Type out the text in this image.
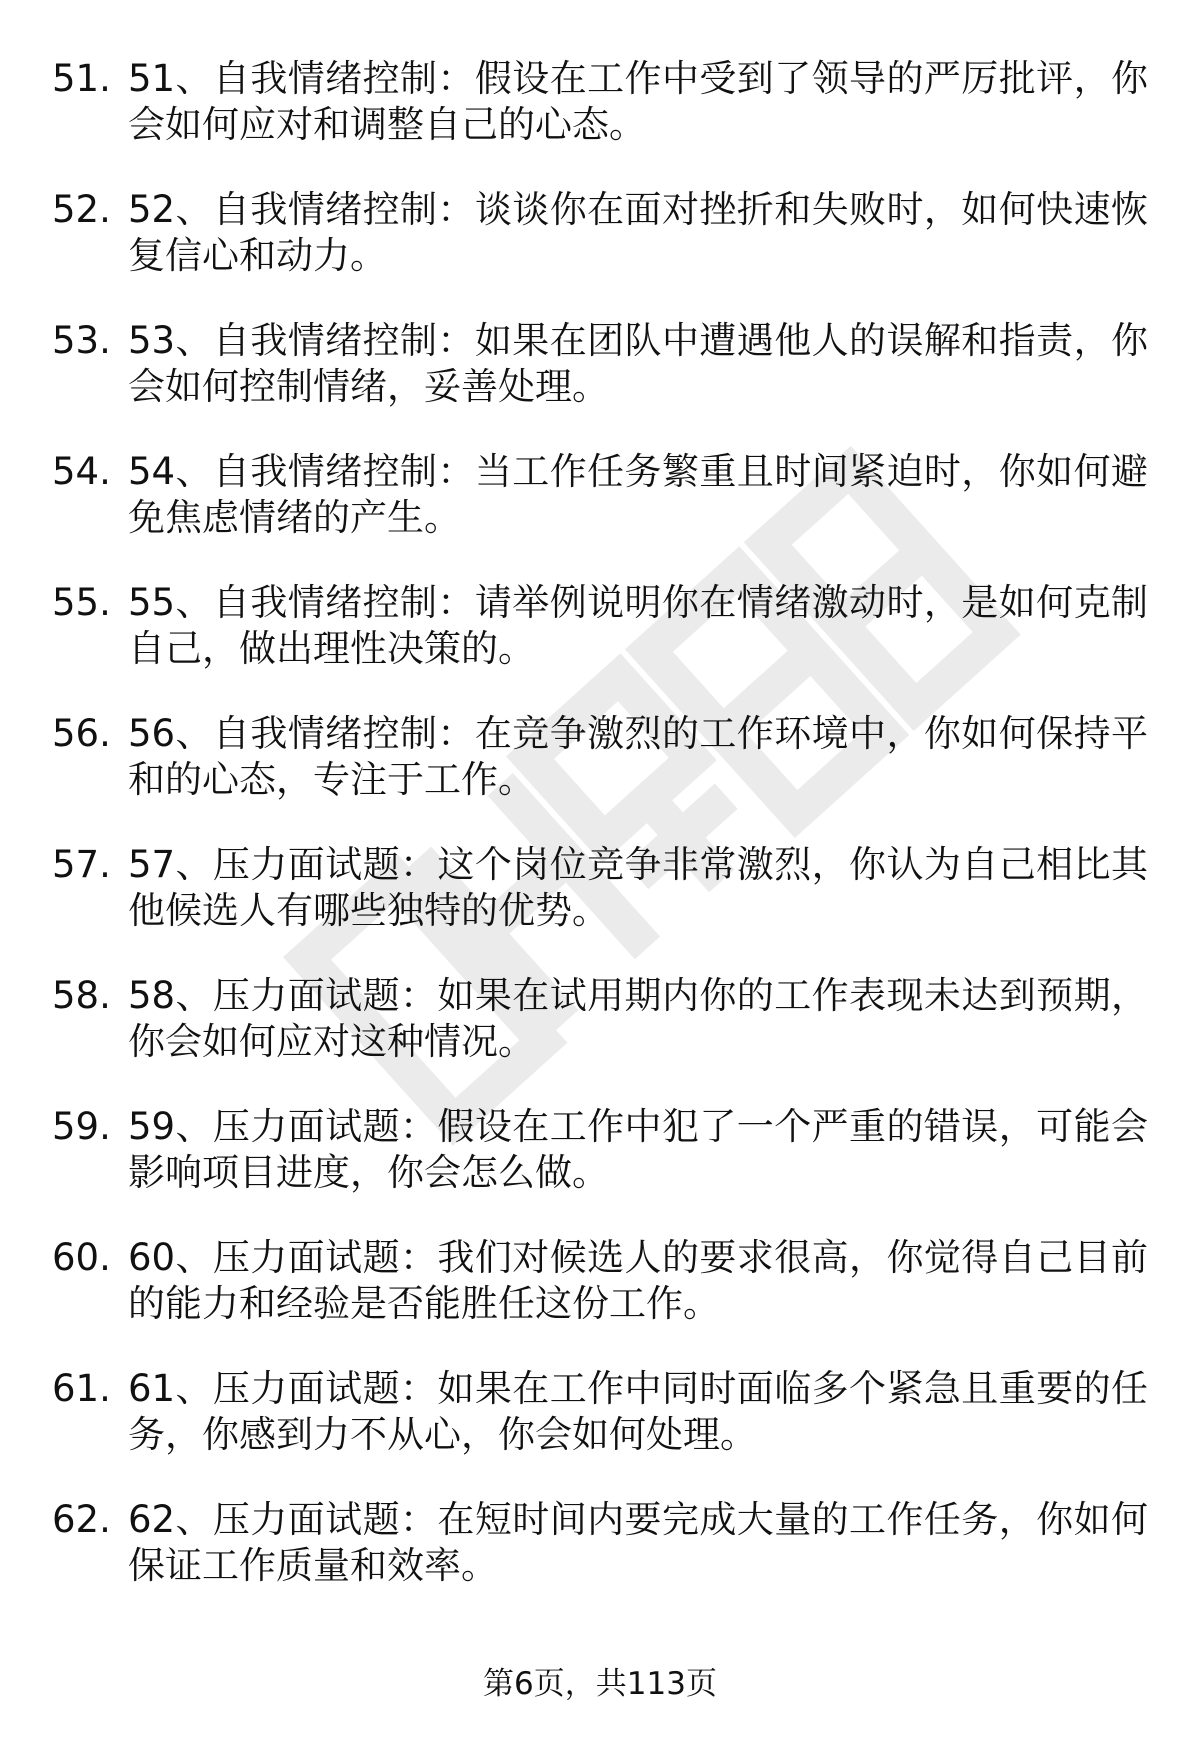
51. 51、自我情绪控制：假设在工作中受到了领导的严厉批评，你会如何应对和调整自己的心态。
52. 52、自我情绪控制：谈谈你在面对挫折和失败时，如何快速恢复信心和动力。
53. 53、自我情绪控制：如果在团队中遭遇他人的误解和指责，你会如何控制情绪，妥善处理。
54. 54、自我情绪控制：当工作任务繁重且时间紧迫时，你如何避免焦虑情绪的产生。
55. 55、自我情绪控制：请举例说明你在情绪激动时，是如何克制自己，做出理性决策的。
56. 56、自我情绪控制：在竞争激烈的工作环境中，你如何保持平和的心态，专注于工作。
57. 57、压力面试题：这个岗位竞争非常激烈，你认为自己相比其他候选人有哪些独特的优势。
58. 58、压力面试题：如果在试用期内你的工作表现未达到预期，你会如何应对这种情况。
59. 59、压力面试题：假设在工作中犯了一个严重的错误，可能会影响项目进度，你会怎么做。
60. 60、压力面试题：我们对候选人的要求很高，你觉得自己目前的能力和经验是否能胜任这份工作。
61. 61、压力面试题：如果在工作中同时面临多个紧急且重要的任务，你感到力不从心，你会如何处理。
62. 62、压力面试题：在短时间内要完成大量的工作任务，你如何保证工作质量和效率。
第6页，共113页
